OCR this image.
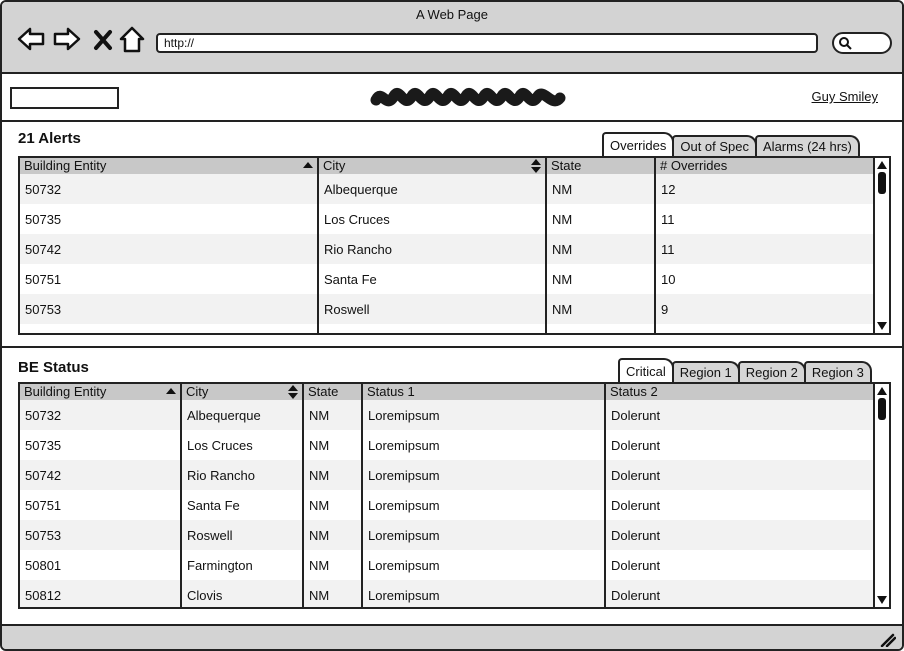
A Web Page
http://
Guy Smiley
21 Alerts	Overrides	Out of Spec	Alarms (24 hrs)
Building Entity	City	State	# Overrides
50732	Albequerque	NM	12
50735	Los Cruces	NM	11
50742	Rio Rancho	NM	11
50751	Santa Fe	NM	10
50753	Roswell	NM	9

BE Status	Critical	Region 1	Region 2	Region 3
Building Entity	City	State	Status 1	Status 2
50732	Albequerque	NM	Loremipsum	Dolerunt
50735	Los Cruces	NM	Loremipsum	Dolerunt
50742	Rio Rancho	NM	Loremipsum	Dolerunt
50751	Santa Fe	NM	Loremipsum	Dolerunt
50753	Roswell	NM	Loremipsum	Dolerunt
50801	Farmington	NM	Loremipsum	Dolerunt
50812	Clovis	NM	Loremipsum	Dolerunt
